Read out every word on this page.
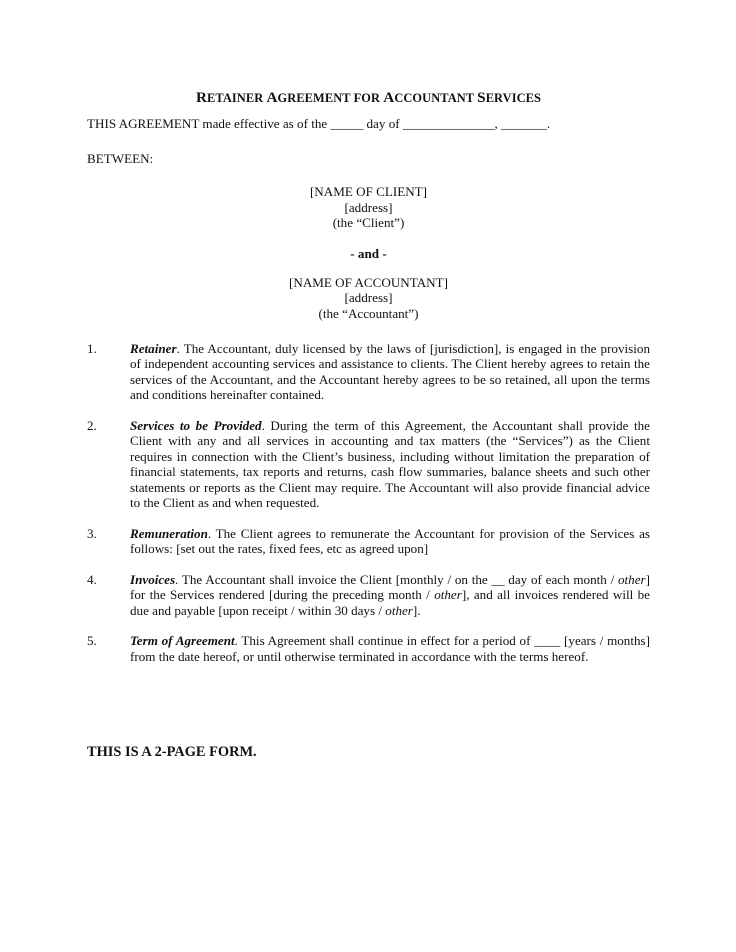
RETAINER AGREEMENT FOR ACCOUNTANT SERVICES
THIS AGREEMENT made effective as of the _____ day of ______________, _______.
BETWEEN:
[NAME OF CLIENT]
[address]
(the “Client”)
- and -
[NAME OF ACCOUNTANT]
[address]
(the “Accountant”)
1.	Retainer. The Accountant, duly licensed by the laws of [jurisdiction], is engaged in the provision of independent accounting services and assistance to clients. The Client hereby agrees to retain the services of the Accountant, and the Accountant hereby agrees to be so retained, all upon the terms and conditions hereinafter contained.
2.	Services to be Provided. During the term of this Agreement, the Accountant shall provide the Client with any and all services in accounting and tax matters (the “Services”) as the Client requires in connection with the Client’s business, including without limitation the preparation of financial statements, tax reports and returns, cash flow summaries, balance sheets and such other statements or reports as the Client may require. The Accountant will also provide financial advice to the Client as and when requested.
3.	Remuneration. The Client agrees to remunerate the Accountant for provision of the Services as follows: [set out the rates, fixed fees, etc as agreed upon]
4.	Invoices. The Accountant shall invoice the Client [monthly / on the __ day of each month / other] for the Services rendered [during the preceding month / other], and all invoices rendered will be due and payable [upon receipt / within 30 days / other].
5.	Term of Agreement. This Agreement shall continue in effect for a period of ____ [years / months] from the date hereof, or until otherwise terminated in accordance with the terms hereof.
THIS IS A 2-PAGE FORM.
